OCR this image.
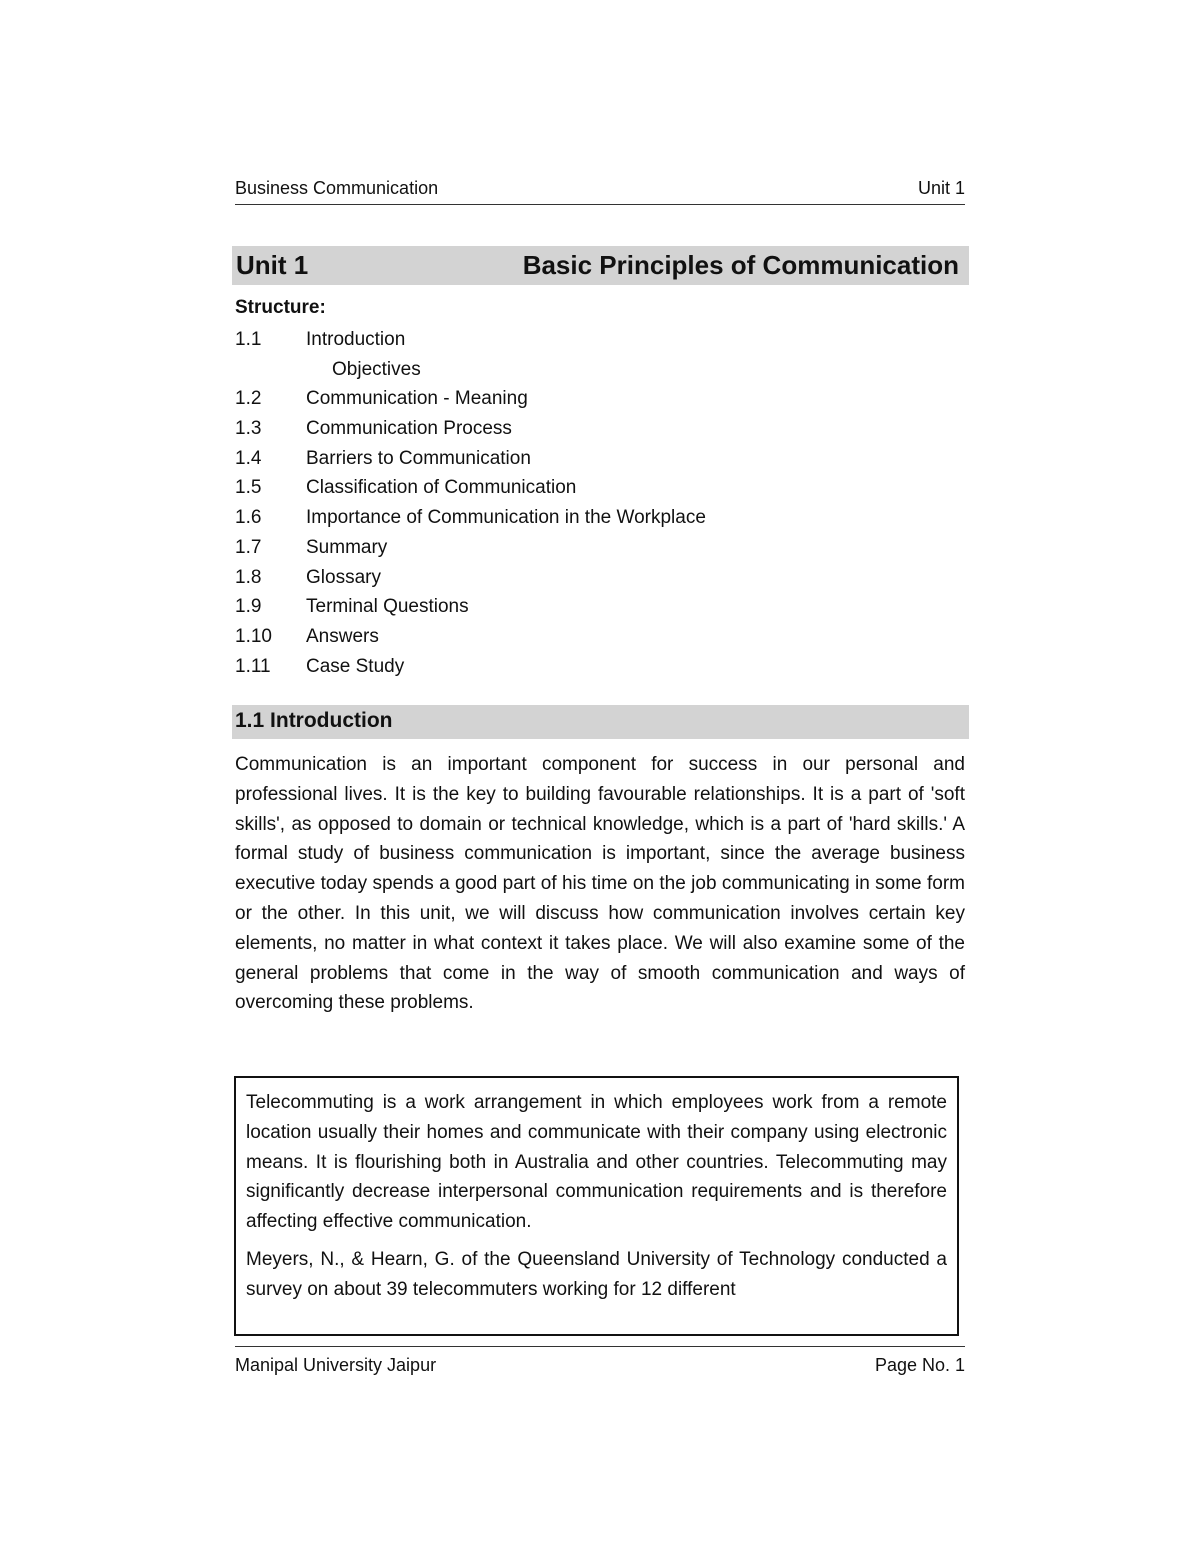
Business Communication	Unit 1
Unit 1	Basic Principles of Communication
Structure:
1.1 Introduction
Objectives
1.2 Communication - Meaning
1.3 Communication Process
1.4 Barriers to Communication
1.5 Classification of Communication
1.6 Importance of Communication in the Workplace
1.7 Summary
1.8 Glossary
1.9 Terminal Questions
1.10 Answers
1.11 Case Study
1.1 Introduction

Communication is an important component for success in our personal and professional lives. It is the key to building favourable relationships. It is a part of 'soft skills', as opposed to domain or technical knowledge, which is a part of 'hard skills.' A formal study of business communication is important, since the average business executive today spends a good part of his time on the job communicating in some form or the other. In this unit, we will discuss how communication involves certain key elements, no matter in what context it takes place. We will also examine some of the general problems that come in the way of smooth communication and ways of overcoming these problems.

Telecommuting is a work arrangement in which employees work from a remote location usually their homes and communicate with their company using electronic means. It is flourishing both in Australia and other countries. Telecommuting may significantly decrease interpersonal communication requirements and is therefore affecting effective communication.

Meyers, N., & Hearn, G. of the Queensland University of Technology conducted a survey on about 39 telecommuters working for 12 different

Manipal University Jaipur	Page No. 1
